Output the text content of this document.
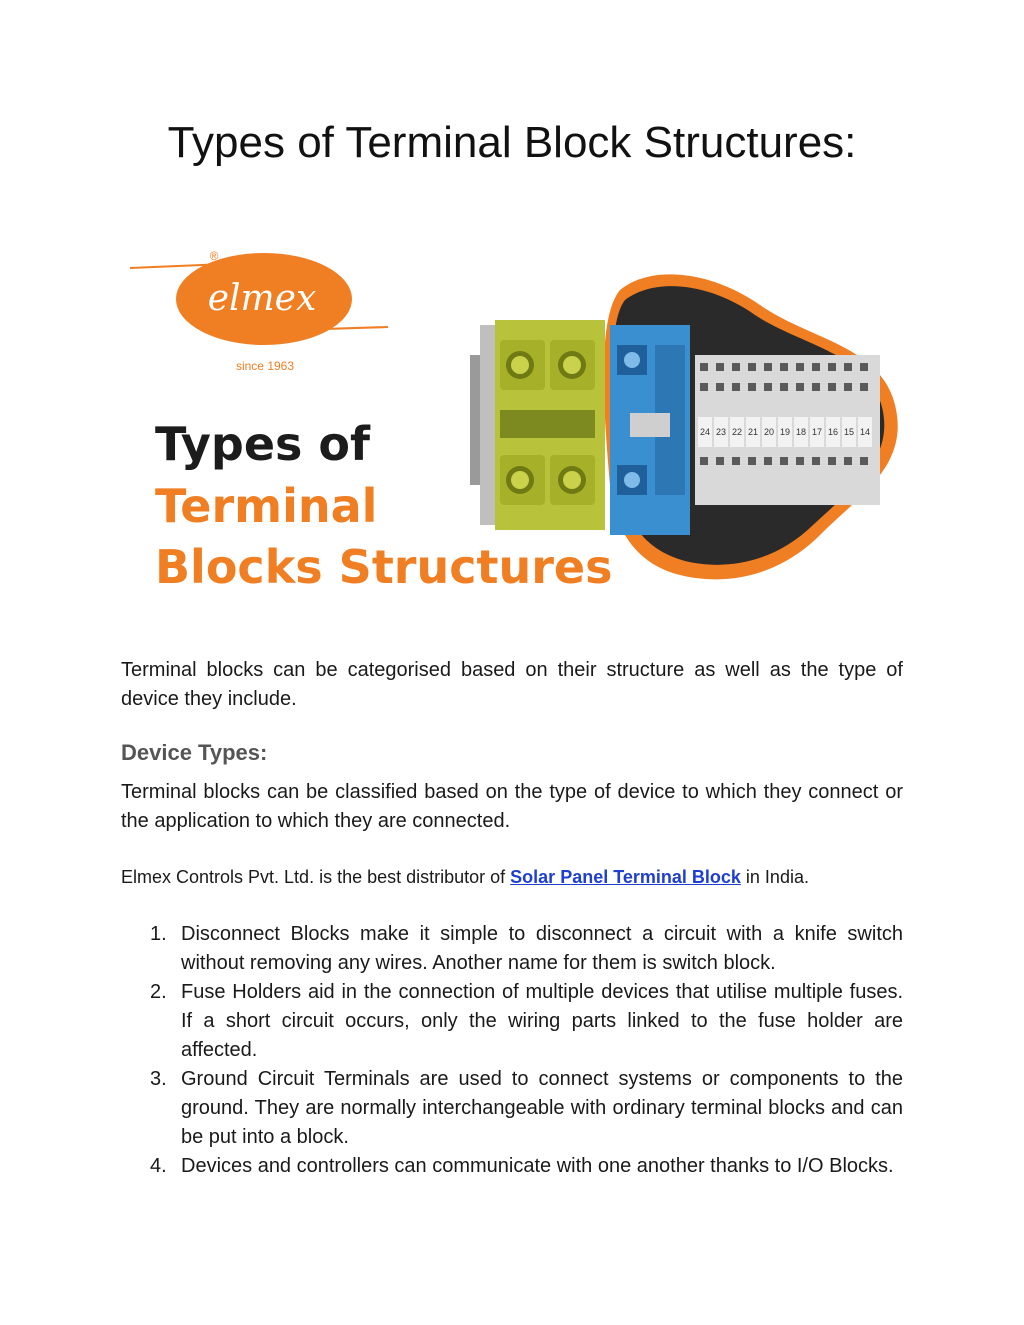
Types of Terminal Block Structures:
elmex
®
since 1963
24 23 22 21 20 19 18 17 16 15 14
Types of
Terminal
Blocks Structures

Terminal blocks can be categorised based on their structure as well as the type of device they include.

Device Types:

Terminal blocks can be classified based on the type of device to which they connect or the application to which they are connected.

Elmex Controls Pvt. Ltd. is the best distributor of Solar Panel Terminal Block in India.
1. Disconnect Blocks make it simple to disconnect a circuit with a knife switch without removing any wires. Another name for them is switch block.
2. Fuse Holders aid in the connection of multiple devices that utilise multiple fuses. If a short circuit occurs, only the wiring parts linked to the fuse holder are affected.
3. Ground Circuit Terminals are used to connect systems or components to the ground. They are normally interchangeable with ordinary terminal blocks and can be put into a block.
4. Devices and controllers can communicate with one another thanks to I/O Blocks.
